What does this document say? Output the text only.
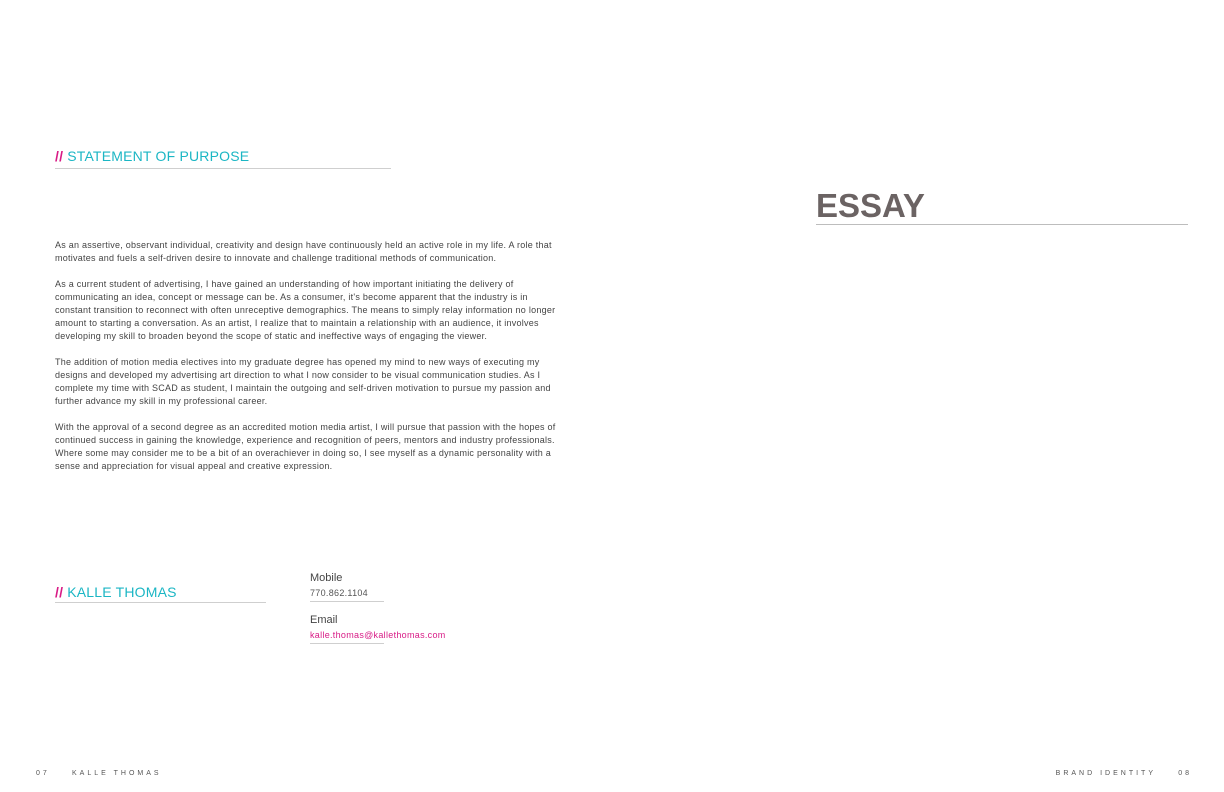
// STATEMENT OF PURPOSE

As an assertive, observant individual, creativity and design have continuously held an active role in my life. A role that motivates and fuels a self-driven desire to innovate and challenge traditional methods of communication.

As a current student of advertising, I have gained an understanding of how important initiating the delivery of communicating an idea, concept or message can be. As a consumer, it's become apparent that the industry is in constant transition to reconnect with often unreceptive demographics. The means to simply relay information no longer amount to starting a conversation. As an artist, I realize that to maintain a relationship with an audience, it involves developing my skill to broaden beyond the scope of static and ineffective ways of engaging the viewer.

The addition of motion media electives into my graduate degree has opened my mind to new ways of executing my designs and developed my advertising art direction to what I now consider to be visual communication studies. As I complete my time with SCAD as student, I maintain the outgoing and self-driven motivation to pursue my passion and further advance my skill in my professional career.

With the approval of a second degree as an accredited motion media artist, I will pursue that passion with the hopes of continued success in gaining the knowledge, experience and recognition of peers, mentors and industry professionals. Where some may consider me to be a bit of an overachiever in doing so, I see myself as a dynamic personality with a sense and appreciation for visual appeal and creative expression.

// KALLE THOMAS
Mobile
770.862.1104
Email
kalle.thomas@kallethomas.com
ESSAY
07	KALLE THOMAS	BRAND IDENTITY	08
